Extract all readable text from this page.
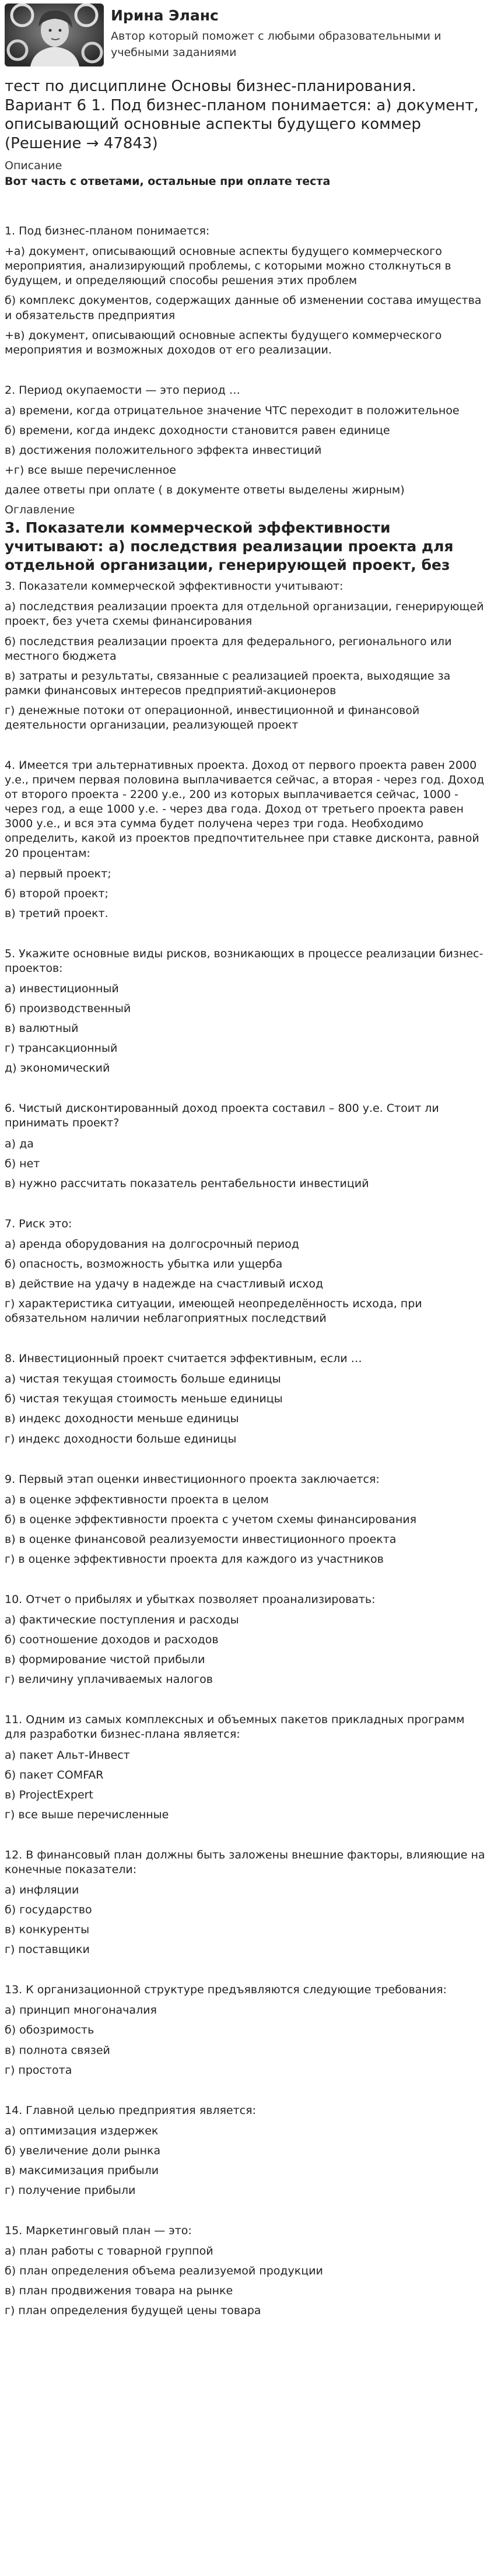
Ирина Эланс
Автор который поможет с любыми образовательными и учебными заданиями
тест по дисциплине Основы бизнес-планирования. Вариант 6 1. Под бизнес-планом понимается: а) документ, описывающий основные аспекты будущего коммер (Решение → 47843)
Описание
Вот часть с ответами, остальные при оплате теста

1. Под бизнес-планом понимается:

+а) документ, описывающий основные аспекты будущего коммерческого мероприятия, анализирующий проблемы, с которыми можно столкнуться в будущем, и определяющий способы решения этих проблем

б) комплекс документов, содержащих данные об изменении состава имущества и обязательств предприятия

+в) документ, описывающий основные аспекты будущего коммерческого мероприятия и возможных доходов от его реализации.

2. Период окупаемости — это период …

а) времени, когда отрицательное значение ЧТС переходит в положительное

б) времени, когда индекс доходности становится равен единице

в) достижения положительного эффекта инвестиций

+г) все выше перечисленное

далее ответы при оплате ( в документе ответы выделены жирным)

Оглавление
3. Показатели коммерческой эффективности учитывают: а) последствия реализации проекта для отдельной организации, генерирующей проект, без

3. Показатели коммерческой эффективности учитывают:

а) последствия реализации проекта для отдельной организации, генерирующей проект, без учета схемы финансирования

б) последствия реализации проекта для федерального, регионального или местного бюджета

в) затраты и результаты, связанные с реализацией проекта, выходящие за рамки финансовых интересов предприятий-акционеров

г) денежные потоки от операционной, инвестиционной и финансовой деятельности организации, реализующей проект

4. Имеется три альтернативных проекта. Доход от первого проекта равен 2000 у.е., причем первая половина выплачивается сейчас, а вторая - через год. Доход от второго проекта - 2200 у.е., 200 из которых выплачивается сейчас, 1000 - через год, а еще 1000 у.е. - через два года. Доход от третьего проекта равен 3000 у.е., и вся эта сумма будет получена через три года. Необходимо определить, какой из проектов предпочтительнее при ставке дисконта, равной 20 процентам:

а) первый проект;

б) второй проект;

в) третий проект.

5. Укажите основные виды рисков, возникающих в процессе реализации бизнес-проектов:

а) инвестиционный

б) производственный

в) валютный

г) трансакционный

д) экономический

6. Чистый дисконтированный доход проекта составил – 800 у.е. Стоит ли принимать проект?

а) да

б) нет

в) нужно рассчитать показатель рентабельности инвестиций

7. Риск это:

а) аренда оборудования на долгосрочный период

б) опасность, возможность убытка или ущерба

в) действие на удачу в надежде на счастливый исход

г) характеристика ситуации, имеющей неопределённость исхода, при обязательном наличии неблагоприятных последствий

8. Инвестиционный проект считается эффективным, если …

а) чистая текущая стоимость больше единицы

б) чистая текущая стоимость меньше единицы

в) индекс доходности меньше единицы

г) индекс доходности больше единицы

9. Первый этап оценки инвестиционного проекта заключается:

а) в оценке эффективности проекта в целом

б) в оценке эффективности проекта с учетом схемы финансирования

в) в оценке финансовой реализуемости инвестиционного проекта

г) в оценке эффективности проекта для каждого из участников

10. Отчет о прибылях и убытках позволяет проанализировать:

а) фактические поступления и расходы

б) соотношение доходов и расходов

в) формирование чистой прибыли

г) величину уплачиваемых налогов

11. Одним из самых комплексных и объемных пакетов прикладных программ для разработки бизнес-плана является:

а) пакет Альт-Инвест

б) пакет COMFAR

в) ProjectExpert

г) все выше перечисленные

12. В финансовый план должны быть заложены внешние факторы, влияющие на конечные показатели:

а) инфляции

б) государство

в) конкуренты

г) поставщики

13. К организационной структуре предъявляются следующие требования:

а) принцип многоначалия

б) обозримость

в) полнота связей

г) простота

14. Главной целью предприятия является:

а) оптимизация издержек

б) увеличение доли рынка

в) максимизация прибыли

г) получение прибыли

15. Маркетинговый план — это:

а) план работы с товарной группой

б) план определения объема реализуемой продукции

в) план продвижения товара на рынке

г) план определения будущей цены товара
